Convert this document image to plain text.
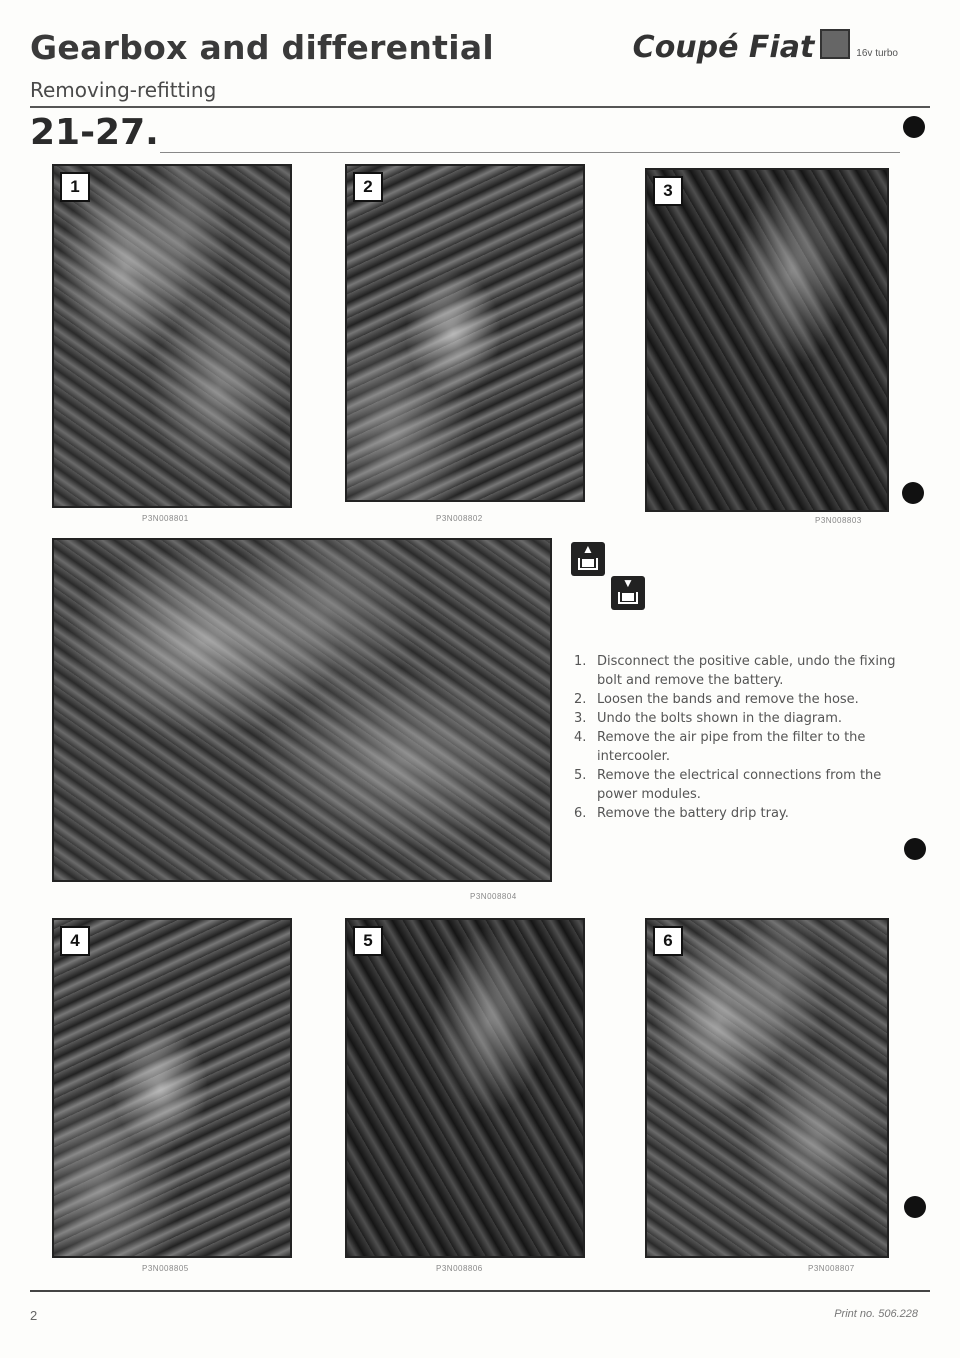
Gearbox and differential
Removing-refitting
Coupé Fiat	16v turbo
21-27.
1
P3N008801
2
P3N008802
3
P3N008803
P3N008804
▲
▼
1. Disconnect the positive cable, undo the fixing bolt and remove the battery.
2. Loosen the bands and remove the hose.
3. Undo the bolts shown in the diagram.
4. Remove the air pipe from the filter to the intercooler.
5. Remove the electrical connections from the power modules.
6. Remove the battery drip tray.
4
P3N008805
5
P3N008806
6
P3N008807
2	Print no. 506.228
